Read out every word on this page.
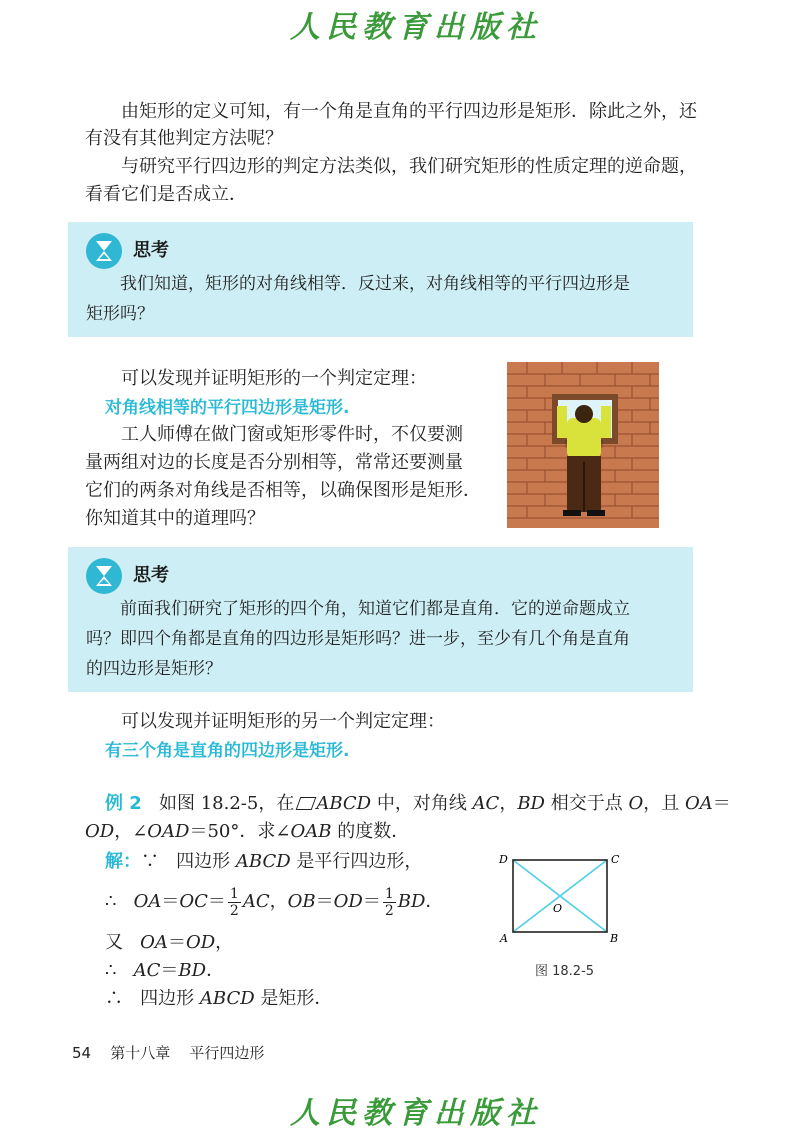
人民教育出版社
由矩形的定义可知，有一个角是直角的平行四边形是矩形．除此之外，还
有没有其他判定方法呢？
与研究平行四边形的判定方法类似，我们研究矩形的性质定理的逆命题，
看看它们是否成立．
思考
我们知道，矩形的对角线相等．反过来，对角线相等的平行四边形是
矩形吗？
可以发现并证明矩形的一个判定定理：
对角线相等的平行四边形是矩形.
工人师傅在做门窗或矩形零件时，不仅要测
量两组对边的长度是否分别相等，常常还要测量
它们的两条对角线是否相等，以确保图形是矩形．
你知道其中的道理吗？
思考
前面我们研究了矩形的四个角，知道它们都是直角．它的逆命题成立
吗？即四个角都是直角的四边形是矩形吗？进一步，至少有几个角是直角
的四边形是矩形？
可以发现并证明矩形的另一个判定定理：
有三个角是直角的四边形是矩形.
例 2 如图 18.2-5，在 ABCD 中，对角线 AC，BD 相交于点 O，且 OA＝
OD，∠OAD＝50°．求∠OAB 的度数．
解：∵ 四边形 ABCD 是平行四边形，
∴ $OA=OC= \frac{1}{2}$ AC，$OB=OD= \frac{1}{2}$ BD．
又 OA＝OD，
∴ AC＝BD．
∴ 四边形 ABCD 是矩形．
D	C
A	B
O
图 18.2-5
54 第十八章 平行四边形
人民教育出版社
